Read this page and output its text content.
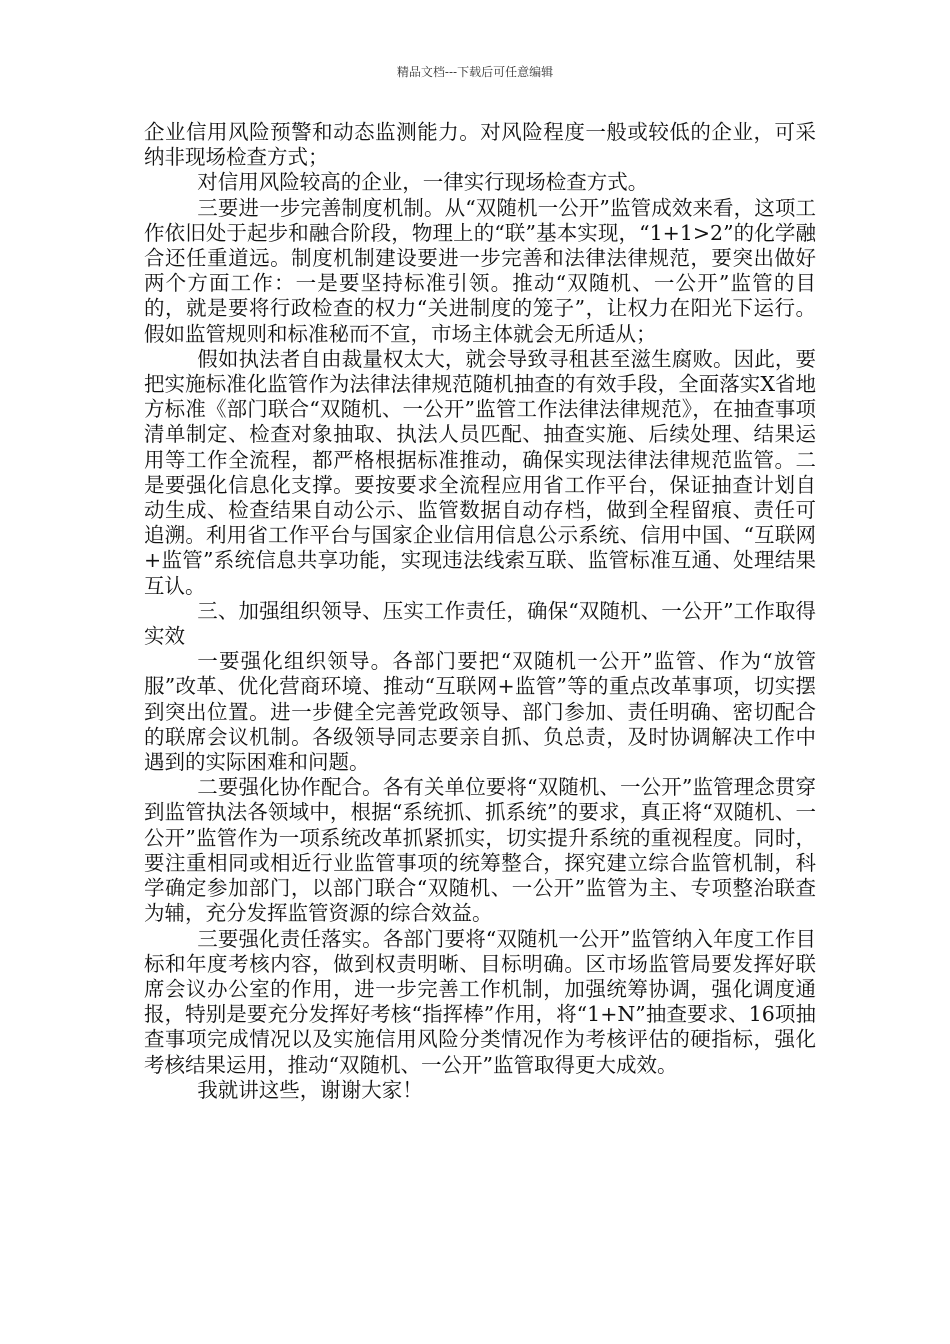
精品文档---下载后可任意编辑

企业信用风险预警和动态监测能力。对风险程度一般或较低的企业，可采纳非现场检查方式；

对信用风险较高的企业，一律实行现场检查方式。

三要进一步完善制度机制。从“双随机一公开”监管成效来看，这项工作依旧处于起步和融合阶段，物理上的“联”基本实现，“1+1>2”的化学融合还任重道远。制度机制建设要进一步完善和法律法律规范，要突出做好两个方面工作：一是要坚持标准引领。推动“双随机、一公开”监管的目的，就是要将行政检查的权力“关进制度的笼子”，让权力在阳光下运行。假如监管规则和标准秘而不宣，市场主体就会无所适从；

假如执法者自由裁量权太大，就会导致寻租甚至滋生腐败。因此，要把实施标准化监管作为法律法律规范随机抽查的有效手段，全面落实X省地方标准《部门联合“双随机、一公开”监管工作法律法律规范》，在抽查事项清单制定、检查对象抽取、执法人员匹配、抽查实施、后续处理、结果运用等工作全流程，都严格根据标准推动，确保实现法律法律规范监管。二是要强化信息化支撑。要按要求全流程应用省工作平台，保证抽查计划自动生成、检查结果自动公示、监管数据自动存档，做到全程留痕、责任可追溯。利用省工作平台与国家企业信用信息公示系统、信用中国、“互联网+监管”系统信息共享功能，实现违法线索互联、监管标准互通、处理结果互认。

三、加强组织领导、压实工作责任，确保“双随机、一公开”工作取得实效

一要强化组织领导。各部门要把“双随机一公开”监管、作为“放管服”改革、优化营商环境、推动“互联网+监管”等的重点改革事项，切实摆到突出位置。进一步健全完善党政领导、部门参加、责任明确、密切配合的联席会议机制。各级领导同志要亲自抓、负总责，及时协调解决工作中遇到的实际困难和问题。

二要强化协作配合。各有关单位要将“双随机、一公开”监管理念贯穿到监管执法各领域中，根据“系统抓、抓系统”的要求，真正将“双随机、一公开”监管作为一项系统改革抓紧抓实，切实提升系统的重视程度。同时，要注重相同或相近行业监管事项的统筹整合，探究建立综合监管机制，科学确定参加部门，以部门联合“双随机、一公开”监管为主、专项整治联查为辅，充分发挥监管资源的综合效益。

三要强化责任落实。各部门要将“双随机一公开”监管纳入年度工作目标和年度考核内容，做到权责明晰、目标明确。区市场监管局要发挥好联席会议办公室的作用，进一步完善工作机制，加强统筹协调，强化调度通报，特别是要充分发挥好考核“指挥棒”作用，将“1+N”抽查要求、16项抽查事项完成情况以及实施信用风险分类情况作为考核评估的硬指标，强化考核结果运用，推动“双随机、一公开”监管取得更大成效。

我就讲这些，谢谢大家！
